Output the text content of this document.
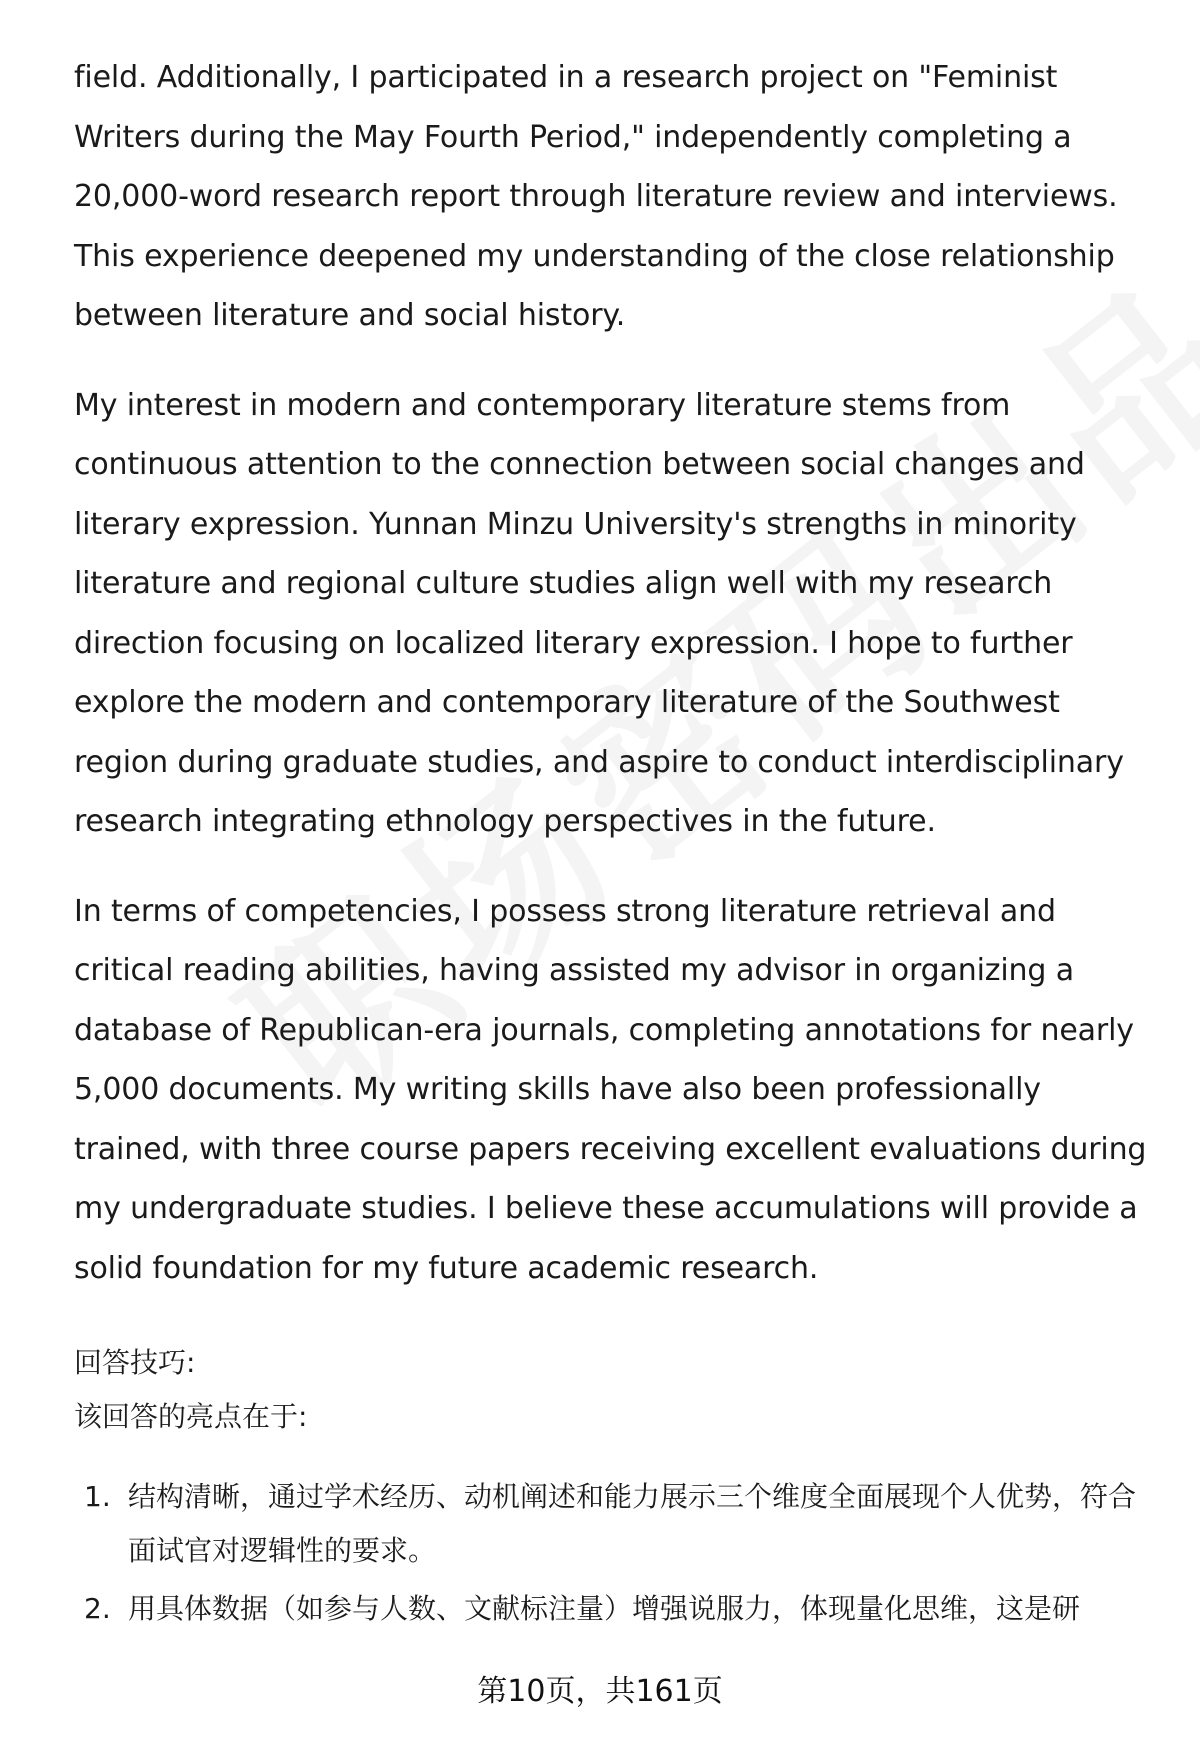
field. Additionally, I participated in a research project on "Feminist Writers during the May Fourth Period," independently completing a 20,000-word research report through literature review and interviews. This experience deepened my understanding of the close relationship between literature and social history.

My interest in modern and contemporary literature stems from continuous attention to the connection between social changes and literary expression. Yunnan Minzu University's strengths in minority literature and regional culture studies align well with my research direction focusing on localized literary expression. I hope to further explore the modern and contemporary literature of the Southwest region during graduate studies, and aspire to conduct interdisciplinary research integrating ethnology perspectives in the future.

In terms of competencies, I possess strong literature retrieval and critical reading abilities, having assisted my advisor in organizing a database of Republican-era journals, completing annotations for nearly 5,000 documents. My writing skills have also been professionally trained, with three course papers receiving excellent evaluations during my undergraduate studies. I believe these accumulations will provide a solid foundation for my future academic research.

回答技巧:

该回答的亮点在于:

1. 结构清晰，通过学术经历、动机阐述和能力展示三个维度全面展现个人优势，符合面试官对逻辑性的要求。
2. 用具体数据（如参与人数、文献标注量）增强说服力，体现量化思维，这是研
第10页，共161页
